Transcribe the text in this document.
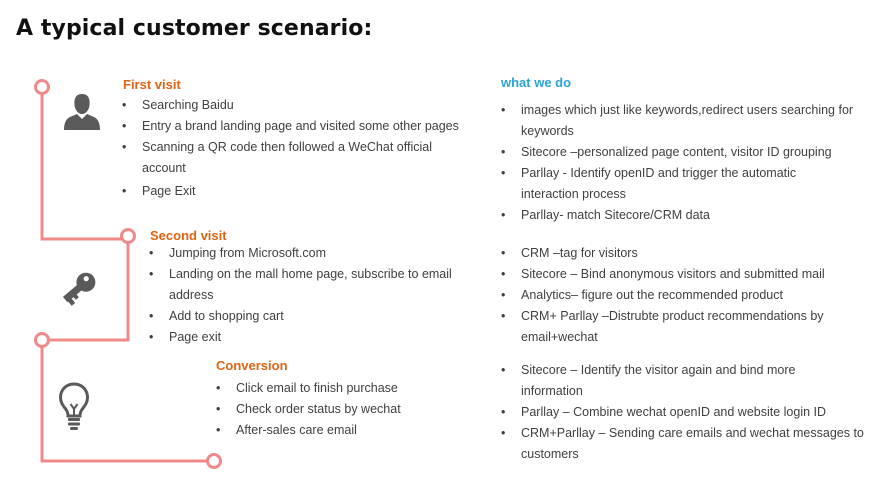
A typical customer scenario:
First visit
• Searching Baidu
• Entry a brand landing page and visited some other pages
• Scanning a QR code then followed a WeChat official account
• Page Exit
Second visit
• Jumping from Microsoft.com
• Landing on the mall home page, subscribe to email address
• Add to shopping cart
• Page exit
Conversion
• Click email to finish purchase
• Check order status by wechat
• After-sales care email
what we do
• images which just like keywords,redirect users searching for keywords
• Sitecore –personalized page content, visitor ID grouping
• Parllay - Identify openID and trigger the automatic interaction process
• Parllay- match Sitecore/CRM data
• CRM –tag for visitors
• Sitecore – Bind anonymous visitors and submitted mail
• Analytics– figure out the recommended product
• CRM+ Parllay –Distrubte product recommendations by email+wechat
• Sitecore – Identify the visitor again and bind more information
• Parllay – Combine wechat openID and website login ID
• CRM+Parllay – Sending care emails and wechat messages to customers
